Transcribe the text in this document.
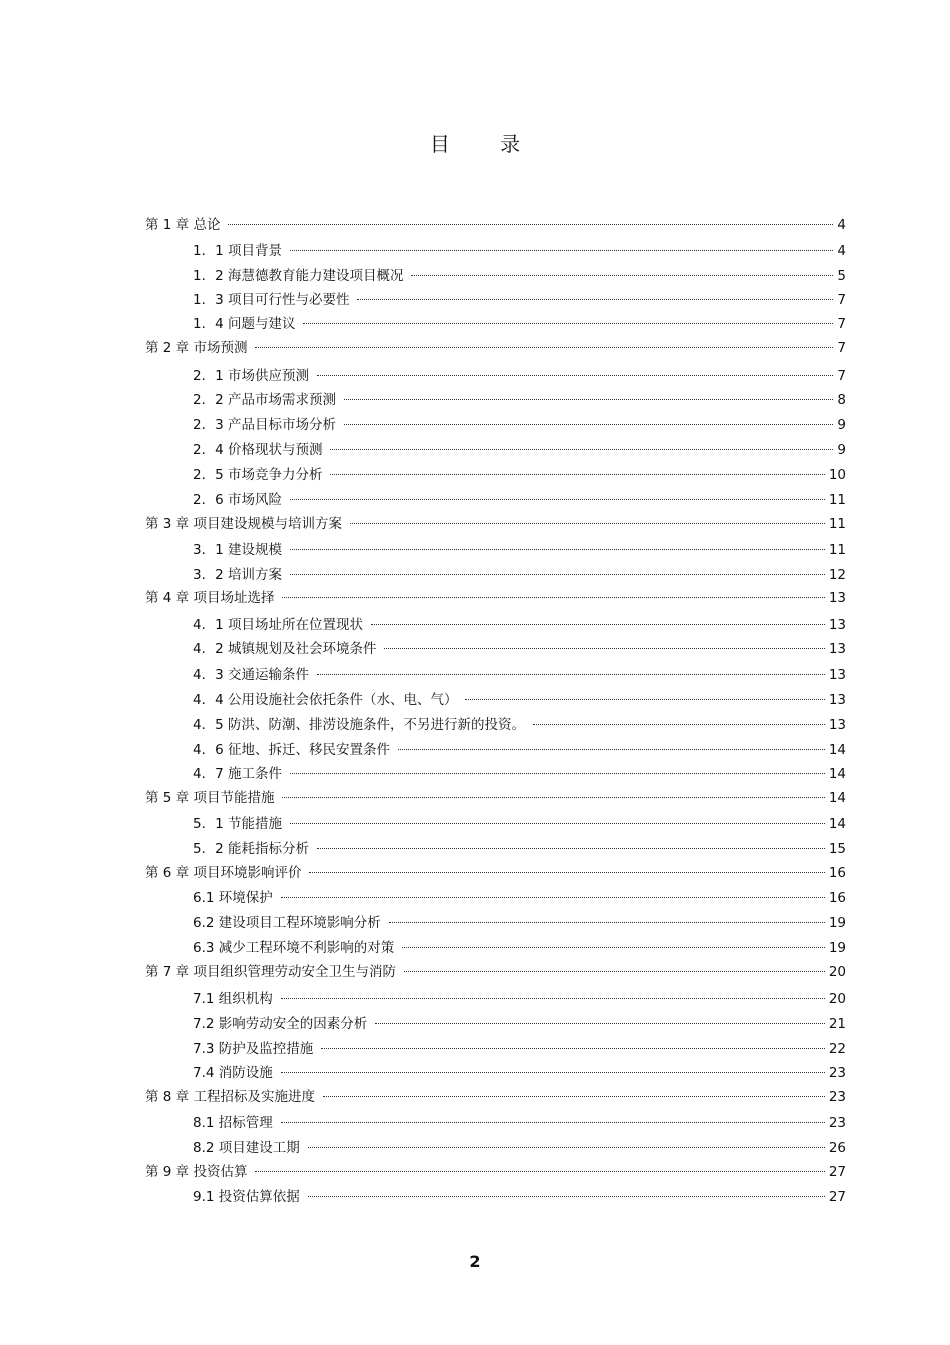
目 录
第 1 章 总论	4
1．1 项目背景	4
1．2 海慧德教育能力建设项目概况	5
1．3 项目可行性与必要性	7
1．4 问题与建议	7
第 2 章 市场预测	7
2．1 市场供应预测	7
2．2 产品市场需求预测	8
2．3 产品目标市场分析	9
2．4 价格现状与预测	9
2．5 市场竞争力分析	10
2．6 市场风险	11
第 3 章 项目建设规模与培训方案	11
3．1 建设规模	11
3．2 培训方案	12
第 4 章 项目场址选择	13
4．1 项目场址所在位置现状	13
4．2 城镇规划及社会环境条件	13
4．3 交通运输条件	13
4．4 公用设施社会依托条件（水、电、气）	13
4．5 防洪、防潮、排涝设施条件，不另进行新的投资。	13
4．6 征地、拆迁、移民安置条件	14
4．7 施工条件	14
第 5 章 项目节能措施	14
5．1 节能措施	14
5．2 能耗指标分析	15
第 6 章 项目环境影响评价	16
6.1 环境保护	16
6.2 建设项目工程环境影响分析	19
6.3 减少工程环境不利影响的对策	19
第 7 章 项目组织管理劳动安全卫生与消防	20
7.1 组织机构	20
7.2 影响劳动安全的因素分析	21
7.3 防护及监控措施	22
7.4 消防设施	23
第 8 章 工程招标及实施进度	23
8.1 招标管理	23
8.2 项目建设工期	26
第 9 章 投资估算	27
9.1 投资估算依据	27
2
